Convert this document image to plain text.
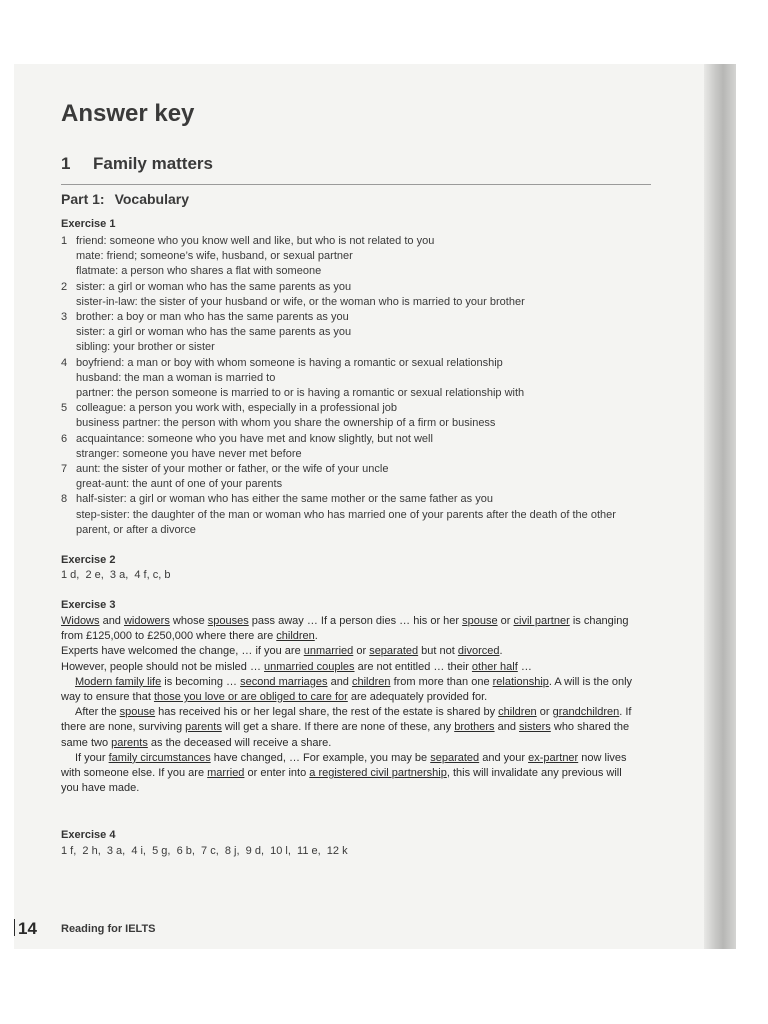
Answer key
1 Family matters
Part 1: Vocabulary
Exercise 1
1 friend: someone who you know well and like, but who is not related to you
mate: friend; someone’s wife, husband, or sexual partner
flatmate: a person who shares a flat with someone
2 sister: a girl or woman who has the same parents as you
sister-in-law: the sister of your husband or wife, or the woman who is married to your brother
3 brother: a boy or man who has the same parents as you
sister: a girl or woman who has the same parents as you
sibling: your brother or sister
4 boyfriend: a man or boy with whom someone is having a romantic or sexual relationship
husband: the man a woman is married to
partner: the person someone is married to or is having a romantic or sexual relationship with
5 colleague: a person you work with, especially in a professional job
business partner: the person with whom you share the ownership of a firm or business
6 acquaintance: someone who you have met and know slightly, but not well
stranger: someone you have never met before
7 aunt: the sister of your mother or father, or the wife of your uncle
great-aunt: the aunt of one of your parents
8 half-sister: a girl or woman who has either the same mother or the same father as you
step-sister: the daughter of the man or woman who has married one of your parents after the death of the other parent, or after a divorce
Exercise 2
1 d,  2 e,  3 a,  4 f, c, b
Exercise 3

Widows and widowers whose spouses pass away … If a person dies … his or her spouse or civil partner is changing from £125,000 to £250,000 where there are children.

Experts have welcomed the change, … if you are unmarried or separated but not divorced.

However, people should not be misled … unmarried couples are not entitled … their other half …

Modern family life is becoming … second marriages and children from more than one relationship. A will is the only way to ensure that those you love or are obliged to care for are adequately provided for.

After the spouse has received his or her legal share, the rest of the estate is shared by children or grandchildren. If there are none, surviving parents will get a share. If there are none of these, any brothers and sisters who shared the same two parents as the deceased will receive a share.

If your family circumstances have changed, … For example, you may be separated and your ex-partner now lives with someone else. If you are married or enter into a registered civil partnership, this will invalidate any previous will you have made.

Exercise 4
1 f,  2 h,  3 a,  4 i,  5 g,  6 b,  7 c,  8 j,  9 d,  10 l,  11 e,  12 k
14 Reading for IELTS
